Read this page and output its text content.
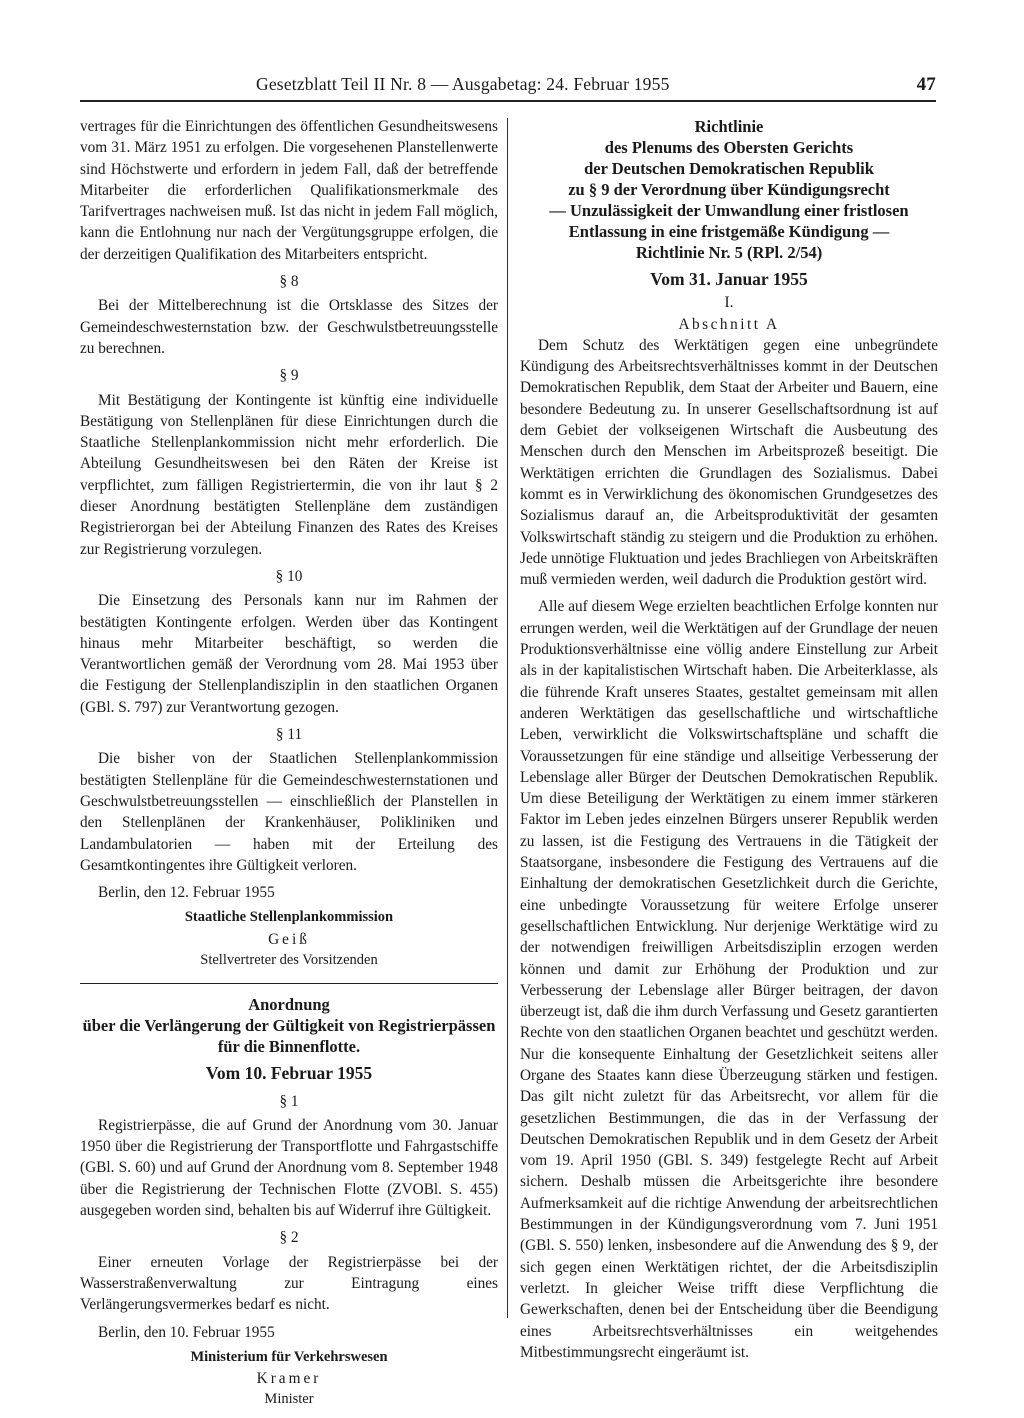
Gesetzblatt Teil II Nr. 8 — Ausgabetag: 24. Februar 1955	47

vertrages für die Einrichtungen des öffentlichen Gesundheitswesens vom 31. März 1951 zu erfolgen. Die vorgesehenen Planstellenwerte sind Höchstwerte und erfordern in jedem Fall, daß der betreffende Mitarbeiter die erforderlichen Qualifikationsmerkmale des Tarifvertrages nachweisen muß. Ist das nicht in jedem Fall möglich, kann die Entlohnung nur nach der Vergütungsgruppe erfolgen, die der derzeitigen Qualifikation des Mitarbeiters entspricht.

§ 8

Bei der Mittelberechnung ist die Ortsklasse des Sitzes der Gemeindeschwesternstation bzw. der Geschwulstbetreuungsstelle zu berechnen.

§ 9

Mit Bestätigung der Kontingente ist künftig eine individuelle Bestätigung von Stellenplänen für diese Einrichtungen durch die Staatliche Stellenplankommission nicht mehr erforderlich. Die Abteilung Gesundheitswesen bei den Räten der Kreise ist verpflichtet, zum fälligen Registriertermin, die von ihr laut § 2 dieser Anordnung bestätigten Stellenpläne dem zuständigen Registrierorgan bei der Abteilung Finanzen des Rates des Kreises zur Registrierung vorzulegen.

§ 10

Die Einsetzung des Personals kann nur im Rahmen der bestätigten Kontingente erfolgen. Werden über das Kontingent hinaus mehr Mitarbeiter beschäftigt, so werden die Verantwortlichen gemäß der Verordnung vom 28. Mai 1953 über die Festigung der Stellenplandisziplin in den staatlichen Organen (GBl. S. 797) zur Verantwortung gezogen.

§ 11

Die bisher von der Staatlichen Stellenplankommission bestätigten Stellenpläne für die Gemeindeschwesternstationen und Geschwulstbetreuungsstellen — einschließlich der Planstellen in den Stellenplänen der Krankenhäuser, Polikliniken und Landambulatorien — haben mit der Erteilung des Gesamtkontingentes ihre Gültigkeit verloren.

Berlin, den 12. Februar 1955

Staatliche Stellenplankommission
Geiß
Stellvertreter des Vorsitzenden
Anordnung
über die Verlängerung der Gültigkeit von Registrierpässen für die Binnenflotte.
Vom 10. Februar 1955
§ 1

Registrierpässe, die auf Grund der Anordnung vom 30. Januar 1950 über die Registrierung der Transportflotte und Fahrgastschiffe (GBl. S. 60) und auf Grund der Anordnung vom 8. September 1948 über die Registrierung der Technischen Flotte (ZVOBl. S. 455) ausgegeben worden sind, behalten bis auf Widerruf ihre Gültigkeit.

§ 2

Einer erneuten Vorlage der Registrierpässe bei der Wasserstraßenverwaltung zur Eintragung eines Verlängerungsvermerkes bedarf es nicht.

Berlin, den 10. Februar 1955

Ministerium für Verkehrswesen
Kramer
Minister
Richtlinie
des Plenums des Obersten Gerichts
der Deutschen Demokratischen Republik
zu § 9 der Verordnung über Kündigungsrecht
— Unzulässigkeit der Umwandlung einer fristlosen
Entlassung in eine fristgemäße Kündigung —
Richtlinie Nr. 5 (RPl. 2/54)
Vom 31. Januar 1955
I.
Abschnitt A

Dem Schutz des Werktätigen gegen eine unbegründete Kündigung des Arbeitsrechtsverhältnisses kommt in der Deutschen Demokratischen Republik, dem Staat der Arbeiter und Bauern, eine besondere Bedeutung zu. In unserer Gesellschaftsordnung ist auf dem Gebiet der volkseigenen Wirtschaft die Ausbeutung des Menschen durch den Menschen im Arbeitsprozeß beseitigt. Die Werktätigen errichten die Grundlagen des Sozialismus. Dabei kommt es in Verwirklichung des ökonomischen Grundgesetzes des Sozialismus darauf an, die Arbeitsproduktivität der gesamten Volkswirtschaft ständig zu steigern und die Produktion zu erhöhen. Jede unnötige Fluktuation und jedes Brachliegen von Arbeitskräften muß vermieden werden, weil dadurch die Produktion gestört wird.

Alle auf diesem Wege erzielten beachtlichen Erfolge konnten nur errungen werden, weil die Werktätigen auf der Grundlage der neuen Produktionsverhältnisse eine völlig andere Einstellung zur Arbeit als in der kapitalistischen Wirtschaft haben. Die Arbeiterklasse, als die führende Kraft unseres Staates, gestaltet gemeinsam mit allen anderen Werktätigen das gesellschaftliche und wirtschaftliche Leben, verwirklicht die Volkswirtschaftspläne und schafft die Voraussetzungen für eine ständige und allseitige Verbesserung der Lebenslage aller Bürger der Deutschen Demokratischen Republik. Um diese Beteiligung der Werktätigen zu einem immer stärkeren Faktor im Leben jedes einzelnen Bürgers unserer Republik werden zu lassen, ist die Festigung des Vertrauens in die Tätigkeit der Staatsorgane, insbesondere die Festigung des Vertrauens auf die Einhaltung der demokratischen Gesetzlichkeit durch die Gerichte, eine unbedingte Voraussetzung für weitere Erfolge unserer gesellschaftlichen Entwicklung. Nur derjenige Werktätige wird zu der notwendigen freiwilligen Arbeitsdisziplin erzogen werden können und damit zur Erhöhung der Produktion und zur Verbesserung der Lebenslage aller Bürger beitragen, der davon überzeugt ist, daß die ihm durch Verfassung und Gesetz garantierten Rechte von den staatlichen Organen beachtet und geschützt werden. Nur die konsequente Einhaltung der Gesetzlichkeit seitens aller Organe des Staates kann diese Überzeugung stärken und festigen. Das gilt nicht zuletzt für das Arbeitsrecht, vor allem für die gesetzlichen Bestimmungen, die das in der Verfassung der Deutschen Demokratischen Republik und in dem Gesetz der Arbeit vom 19. April 1950 (GBl. S. 349) festgelegte Recht auf Arbeit sichern. Deshalb müssen die Arbeitsgerichte ihre besondere Aufmerksamkeit auf die richtige Anwendung der arbeitsrechtlichen Bestimmungen in der Kündigungsverordnung vom 7. Juni 1951 (GBl. S. 550) lenken, insbesondere auf die Anwendung des § 9, der sich gegen einen Werktätigen richtet, der die Arbeitsdisziplin verletzt. In gleicher Weise trifft diese Verpflichtung die Gewerkschaften, denen bei der Entscheidung über die Beendigung eines Arbeitsrechtsverhältnisses ein weitgehendes Mitbestimmungsrecht eingeräumt ist.
